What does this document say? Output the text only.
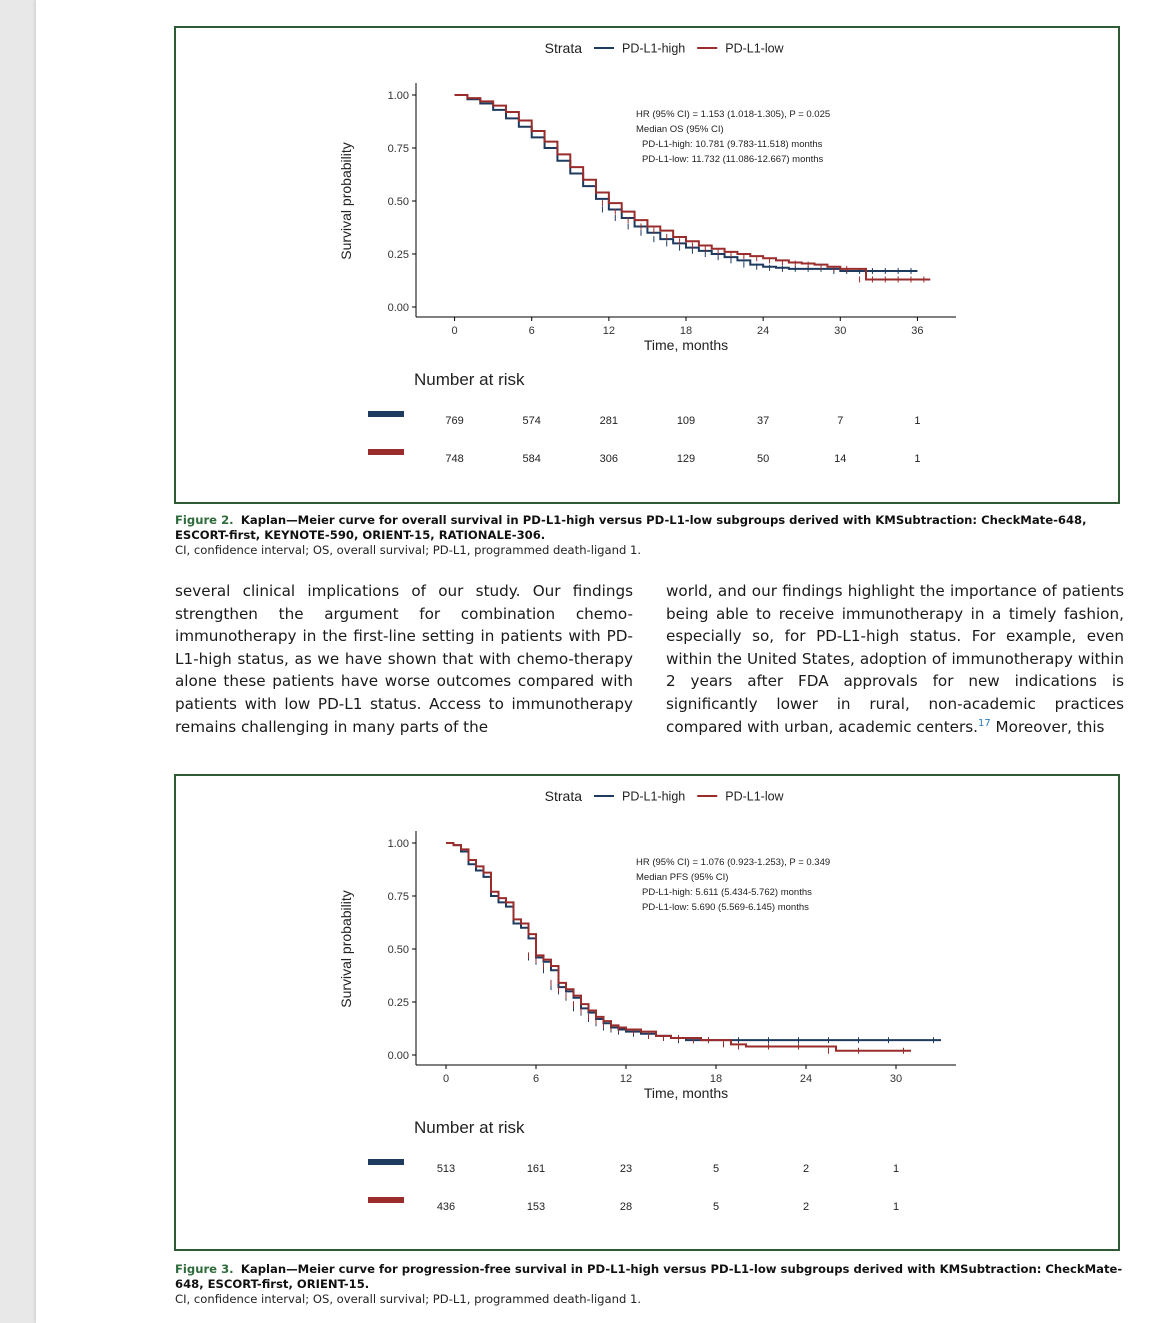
Strata	PD-L1-high	PD-L1-low
0.00
0.25
0.50
0.75
1.00
0	6	12	18	24	30	36
Time, months
Survival probability
HR (95% CI) = 1.153 (1.018-1.305), P = 0.025
Median OS (95% CI)
PD-L1-high: 10.781 (9.783-11.518) months
PD-L1-low: 11.732 (11.086-12.667) months
Number at risk
769	574	281	109	37	7	1
748	584	306	129	50	14	1
Figure 2. Kaplan—Meier curve for overall survival in PD-L1-high versus PD-L1-low subgroups derived with KMSubtraction: CheckMate-648, ESCORT-first, KEYNOTE-590, ORIENT-15, RATIONALE-306.
CI, confidence interval; OS, overall survival; PD-L1, programmed death-ligand 1.

several clinical implications of our study. Our findings strengthen the argument for combination chemo-immunotherapy in the first-line setting in patients with PD-L1-high status, as we have shown that with chemo-therapy alone these patients have worse outcomes compared with patients with low PD-L1 status. Access to immunotherapy remains challenging in many parts of the

world, and our findings highlight the importance of patients being able to receive immunotherapy in a timely fashion, especially so, for PD-L1-high status. For example, even within the United States, adoption of immunotherapy within 2 years after FDA approvals for new indications is significantly lower in rural, non-academic practices compared with urban, academic centers.$^{17}$ Moreover, this

Strata	PD-L1-high	PD-L1-low
0.00
0.25
0.50
0.75
1.00
0	6	12	18	24	30
Time, months
Survival probability
HR (95% CI) = 1.076 (0.923-1.253), P = 0.349
Median PFS (95% CI)
PD-L1-high: 5.611 (5.434-5.762) months
PD-L1-low: 5.690 (5.569-6.145) months
Number at risk
513	161	23	5	2	1
436	153	28	5	2	1
Figure 3. Kaplan—Meier curve for progression-free survival in PD-L1-high versus PD-L1-low subgroups derived with KMSubtraction: CheckMate-648, ESCORT-first, ORIENT-15.
CI, confidence interval; OS, overall survival; PD-L1, programmed death-ligand 1.
